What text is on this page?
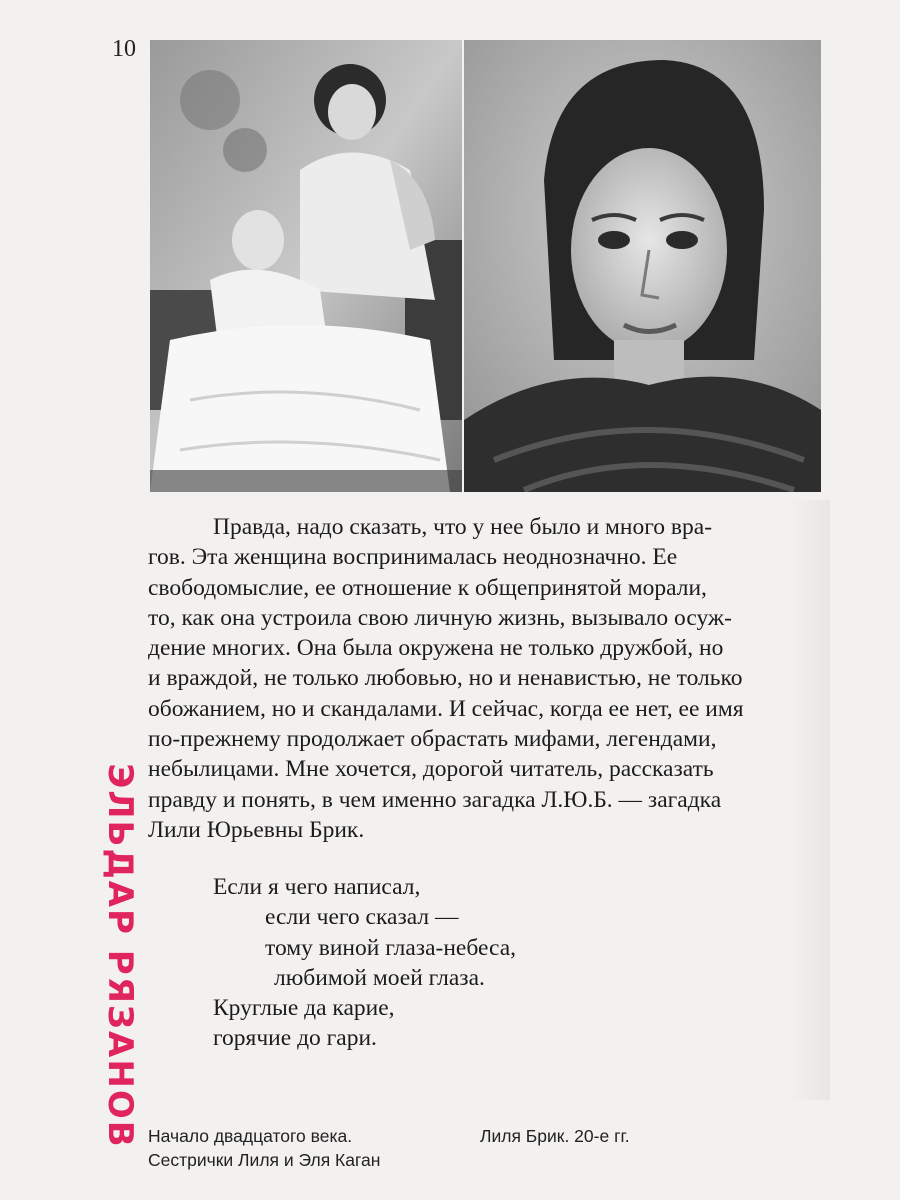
10

Правда, надо сказать, что у нее было и много вра-
гов. Эта женщина воспринималась неоднозначно. Ее
свободомыслие, ее отношение к общепринятой морали,
то, как она устроила свою личную жизнь, вызывало осуж-
дение многих. Она была окружена не только дружбой, но
и враждой, не только любовью, но и ненавистью, не только
обожанием, но и скандалами. И сейчас, когда ее нет, ее имя
по-прежнему продолжает обрастать мифами, легендами,
небылицами. Мне хочется, дорогой читатель, рассказать
правду и понять, в чем именно загадка Л.Ю.Б. — загадка
Лили Юрьевны Брик.

Если я чего написал,
если чего сказал —
тому виной глаза-небеса,
любимой моей глаза.
Круглые да карие,
горячие до гари.
ЭЛЬДАР РЯЗАНОВ Начало двадцатого века.
Сестрички Лиля и Эля Каган
Лиля Брик. 20-е гг.
